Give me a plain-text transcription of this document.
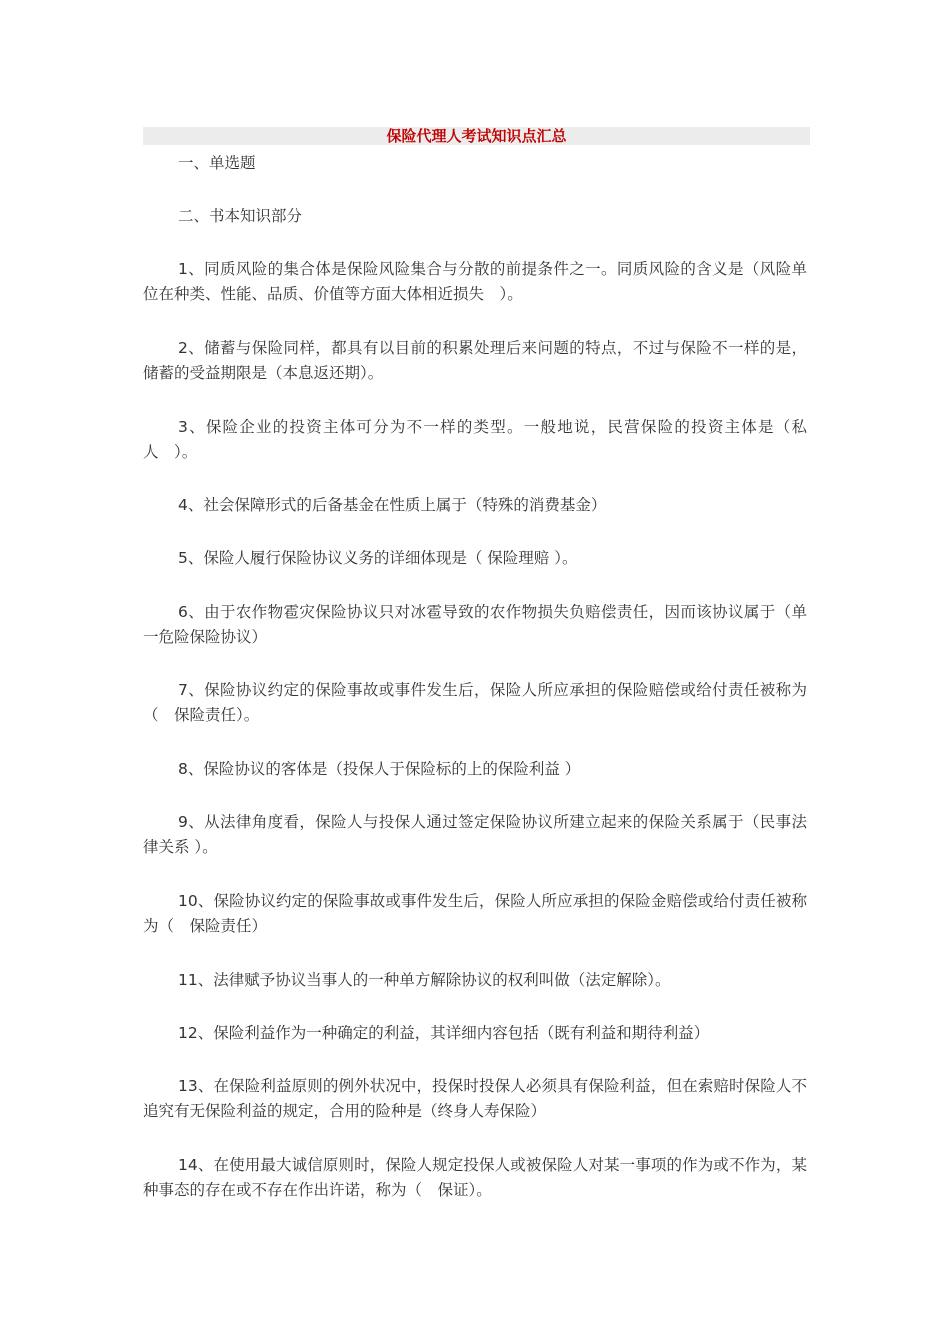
保险代理人考试知识点汇总

一、单选题

二、书本知识部分

1、同质风险的集合体是保险风险集合与分散的前提条件之一。同质风险的含义是（风险单位在种类、性能、品质、价值等方面大体相近损失　）。

2、储蓄与保险同样，都具有以目前的积累处理后来问题的特点，不过与保险不一样的是，储蓄的受益期限是（本息返还期）。

3、保险企业的投资主体可分为不一样的类型。一般地说，民营保险的投资主体是（私人　）。

4、社会保障形式的后备基金在性质上属于（特殊的消费基金）

5、保险人履行保险协议义务的详细体现是（ 保险理赔 ）。

6、由于农作物雹灾保险协议只对冰雹导致的农作物损失负赔偿责任，因而该协议属于（单一危险保险协议）

7、保险协议约定的保险事故或事件发生后，保险人所应承担的保险赔偿或给付责任被称为（　保险责任）。

8、保险协议的客体是（投保人于保险标的上的保险利益 ）

9、从法律角度看，保险人与投保人通过签定保险协议所建立起来的保险关系属于（民事法律关系 ）。

10、保险协议约定的保险事故或事件发生后，保险人所应承担的保险金赔偿或给付责任被称为（　保险责任）

11、法律赋予协议当事人的一种单方解除协议的权利叫做（法定解除）。

12、保险利益作为一种确定的利益，其详细内容包括（既有利益和期待利益）

13、在保险利益原则的例外状况中，投保时投保人必须具有保险利益，但在索赔时保险人不追究有无保险利益的规定，合用的险种是（终身人寿保险）

14、在使用最大诚信原则时，保险人规定投保人或被保险人对某一事项的作为或不作为，某种事态的存在或不存在作出许诺，称为（　保证）。
